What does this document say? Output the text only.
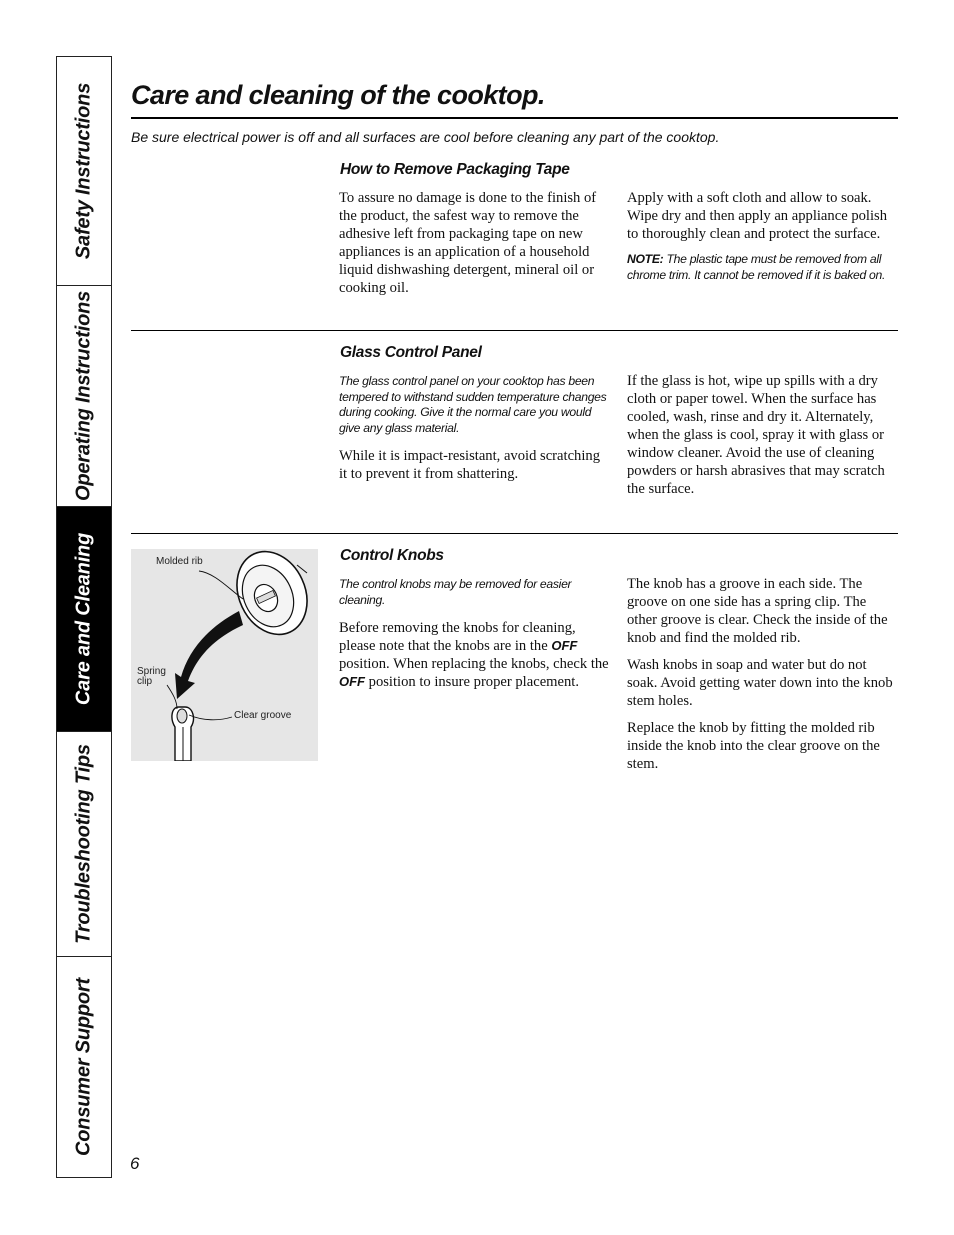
Safety Instructions
Operating Instructions
Care and Cleaning
Troubleshooting Tips
Consumer Support
Care and cleaning of the cooktop.
Be sure electrical power is off and all surfaces are cool before cleaning any part of the cooktop.
How to Remove Packaging Tape

To assure no damage is done to the finish of the product, the safest way to remove the adhesive left from packaging tape on new appliances is an application of a household liquid dishwashing detergent, mineral oil or cooking oil.

Apply with a soft cloth and allow to soak. Wipe dry and then apply an appliance polish to thoroughly clean and protect the surface.

NOTE: The plastic tape must be removed from all chrome trim. It cannot be removed if it is baked on.

Glass Control Panel

The glass control panel on your cooktop has been tempered to withstand sudden temperature changes during cooking. Give it the normal care you would give any glass material.

While it is impact-resistant, avoid scratching it to prevent it from shattering.

If the glass is hot, wipe up spills with a dry cloth or paper towel. When the surface has cooled, wash, rinse and dry it. Alternately, when the glass is cool, spray it with glass or window cleaner. Avoid the use of cleaning powders or harsh abrasives that may scratch the surface.

Molded rib
Spring
clip
Clear groove
Control Knobs

The control knobs may be removed for easier cleaning.

Before removing the knobs for cleaning, please note that the knobs are in the OFF position. When replacing the knobs, check the OFF position to insure proper placement.

The knob has a groove in each side. The groove on one side has a spring clip. The other groove is clear. Check the inside of the knob and find the molded rib.

Wash knobs in soap and water but do not soak. Avoid getting water down into the knob stem holes.

Replace the knob by fitting the molded rib inside the knob into the clear groove on the stem.

6
